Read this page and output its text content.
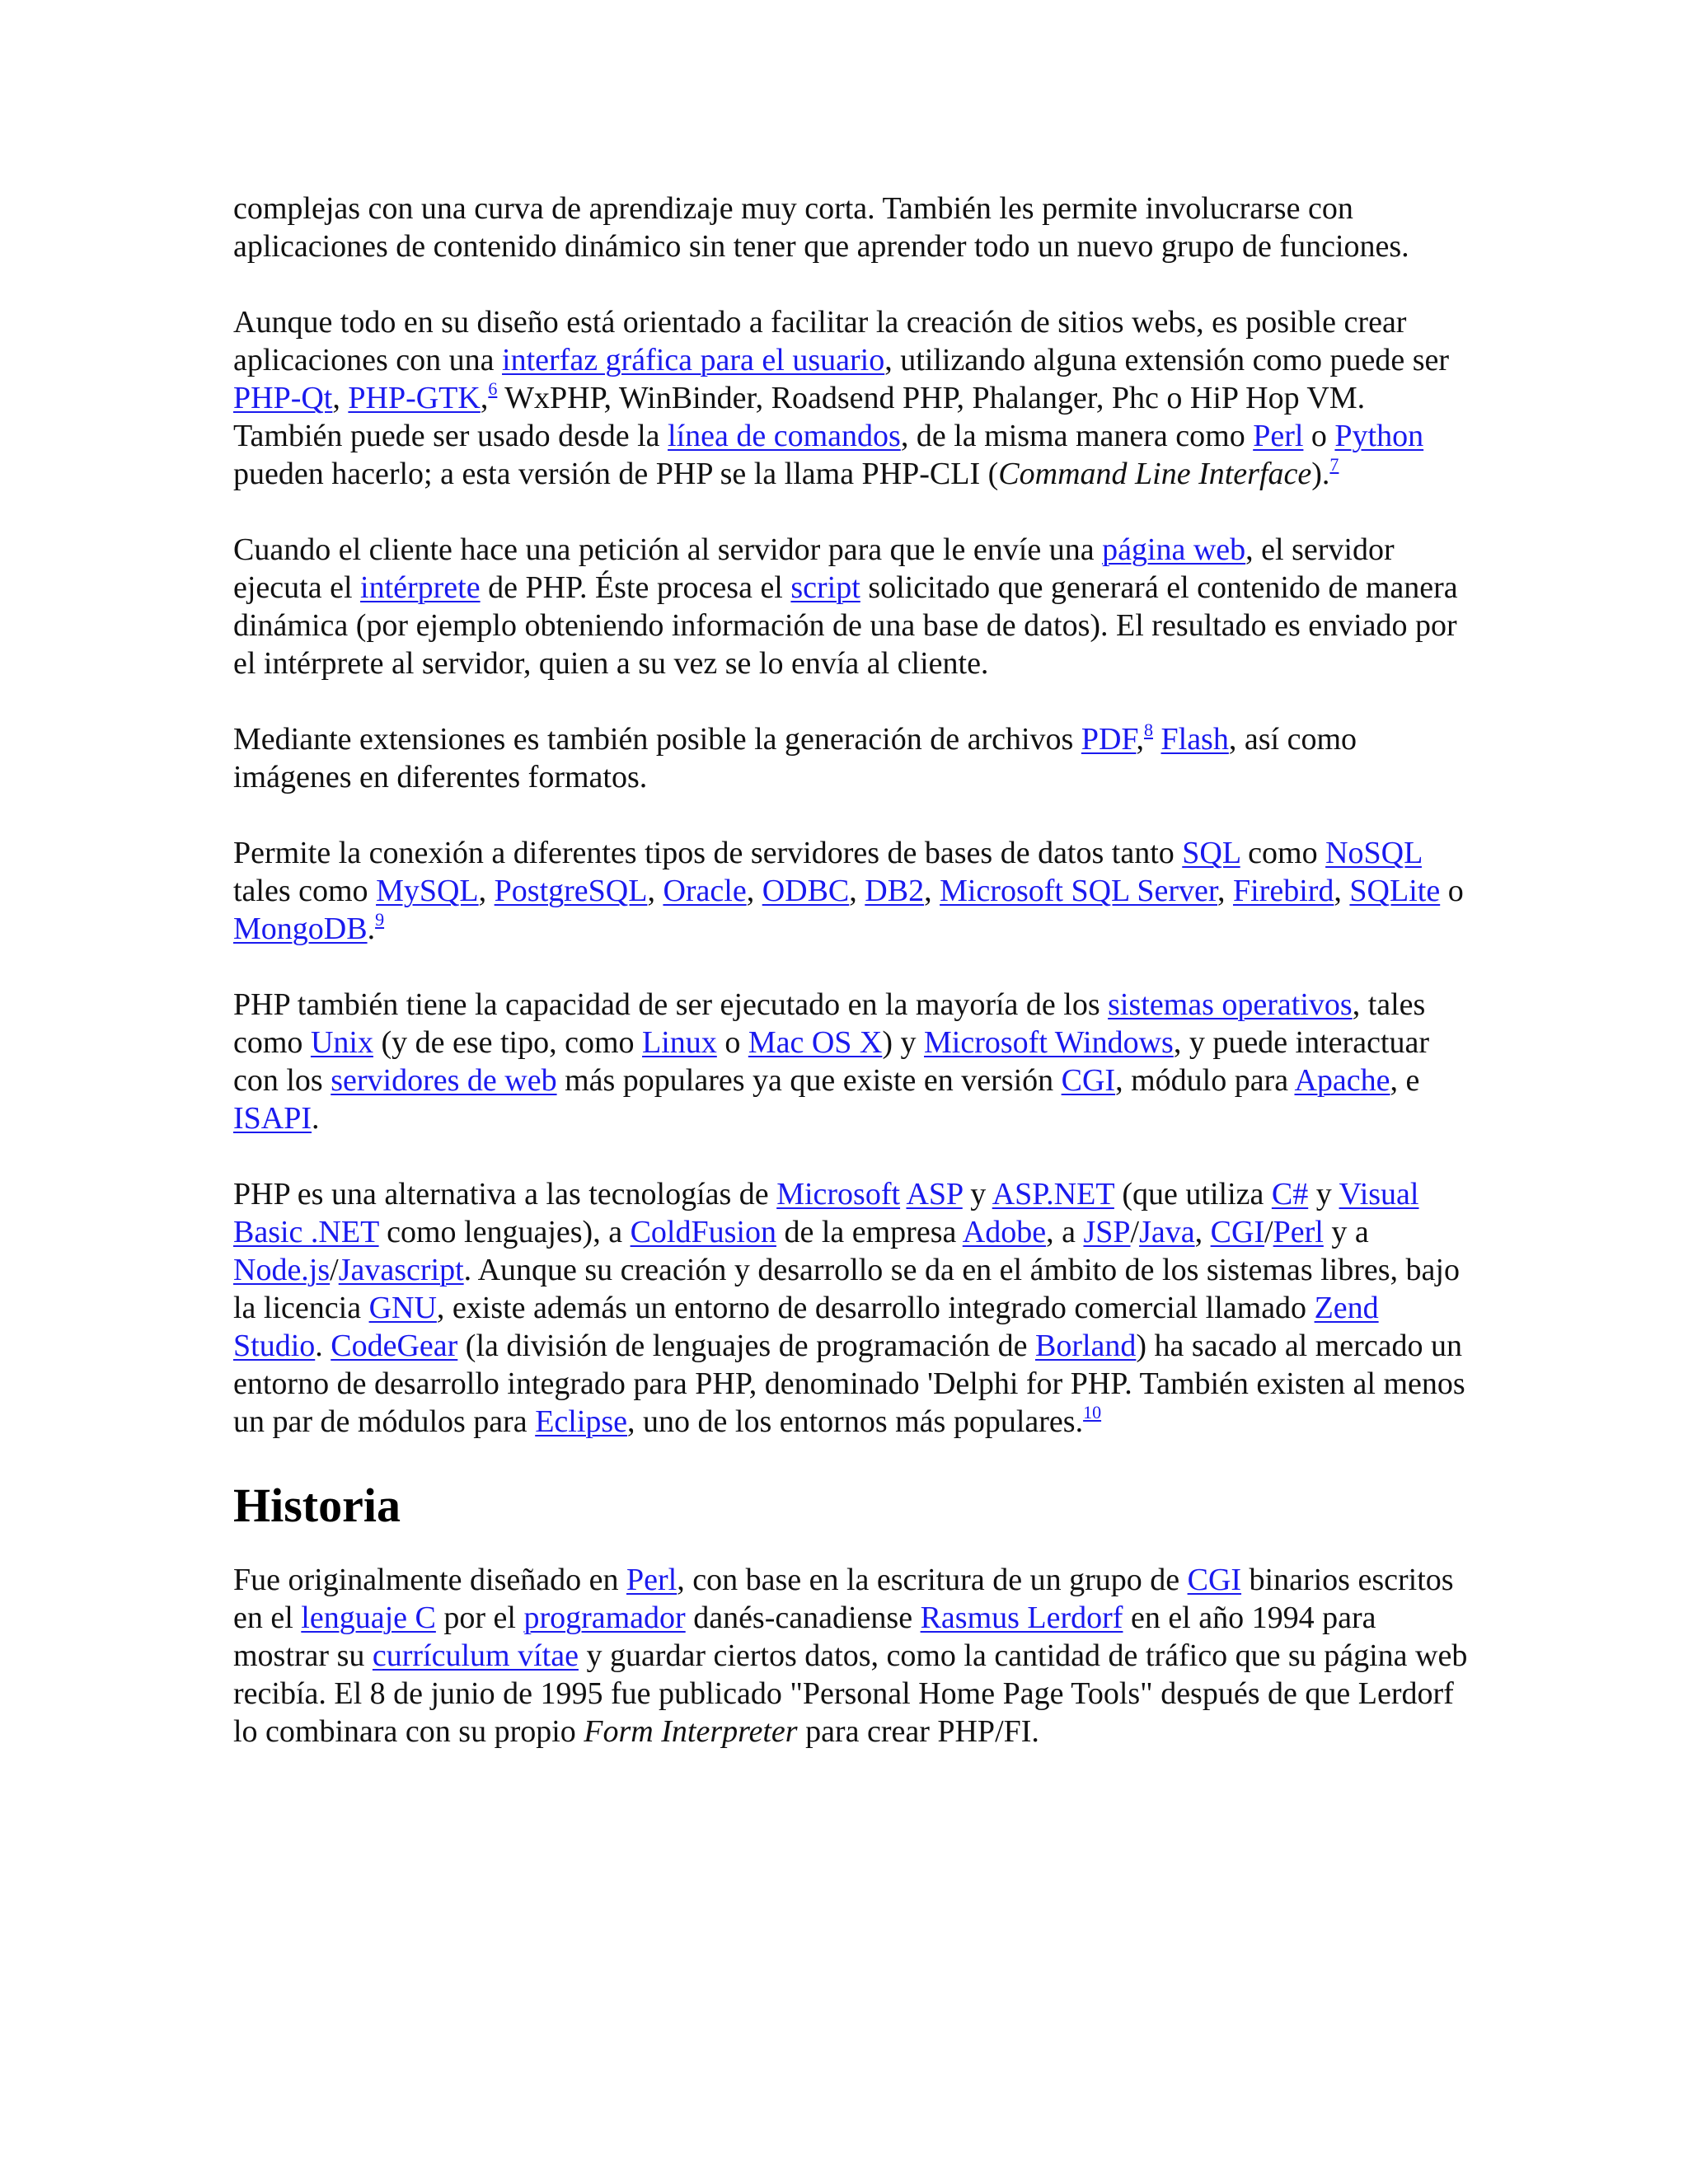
complejas con una curva de aprendizaje muy corta. También les permite involucrarse con aplicaciones de contenido dinámico sin tener que aprender todo un nuevo grupo de funciones.

Aunque todo en su diseño está orientado a facilitar la creación de sitios webs, es posible crear aplicaciones con una interfaz gráfica para el usuario, utilizando alguna extensión como puede ser PHP-Qt, PHP-GTK,$^6$ WxPHP, WinBinder, Roadsend PHP, Phalanger, Phc o HiP Hop VM. También puede ser usado desde la línea de comandos, de la misma manera como Perl o Python pueden hacerlo; a esta versión de PHP se la llama PHP-CLI (Command Line Interface).$^7$

Cuando el cliente hace una petición al servidor para que le envíe una página web, el servidor ejecuta el intérprete de PHP. Éste procesa el script solicitado que generará el contenido de manera dinámica (por ejemplo obteniendo información de una base de datos). El resultado es enviado por el intérprete al servidor, quien a su vez se lo envía al cliente.

Mediante extensiones es también posible la generación de archivos PDF,$^8$ Flash, así como imágenes en diferentes formatos.

Permite la conexión a diferentes tipos de servidores de bases de datos tanto SQL como NoSQL tales como MySQL, PostgreSQL, Oracle, ODBC, DB2, Microsoft SQL Server, Firebird, SQLite o MongoDB.$^9$

PHP también tiene la capacidad de ser ejecutado en la mayoría de los sistemas operativos, tales como Unix (y de ese tipo, como Linux o Mac OS X) y Microsoft Windows, y puede interactuar con los servidores de web más populares ya que existe en versión CGI, módulo para Apache, e ISAPI.

PHP es una alternativa a las tecnologías de Microsoft ASP y ASP.NET (que utiliza C# y Visual Basic .NET como lenguajes), a ColdFusion de la empresa Adobe, a JSP/Java, CGI/Perl y a Node.js/Javascript. Aunque su creación y desarrollo se da en el ámbito de los sistemas libres, bajo la licencia GNU, existe además un entorno de desarrollo integrado comercial llamado Zend Studio. CodeGear (la división de lenguajes de programación de Borland) ha sacado al mercado un entorno de desarrollo integrado para PHP, denominado 'Delphi for PHP. También existen al menos un par de módulos para Eclipse, uno de los entornos más populares.$^{10}$

Historia

Fue originalmente diseñado en Perl, con base en la escritura de un grupo de CGI binarios escritos en el lenguaje C por el programador danés-canadiense Rasmus Lerdorf en el año 1994 para mostrar su currículum vítae y guardar ciertos datos, como la cantidad de tráfico que su página web recibía. El 8 de junio de 1995 fue publicado "Personal Home Page Tools" después de que Lerdorf lo combinara con su propio Form Interpreter para crear PHP/FI.
